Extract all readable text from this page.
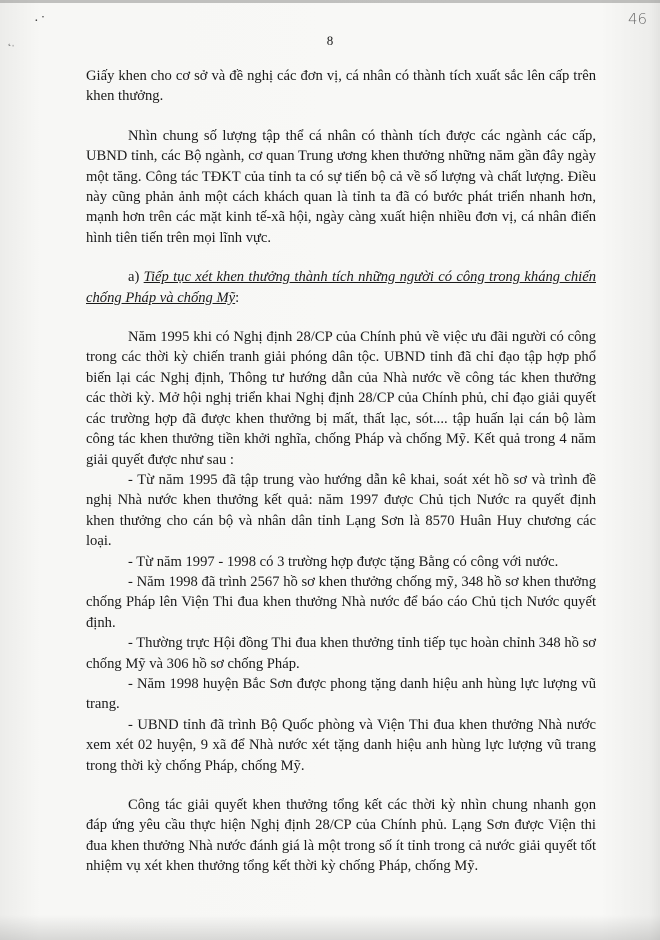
·˙
˛ˌ
46
8

Giấy khen cho cơ sở và đề nghị các đơn vị, cá nhân có thành tích xuất sắc lên cấp trên khen thưởng.

Nhìn chung số lượng tập thể cá nhân có thành tích được các ngành các cấp, UBND tỉnh, các Bộ ngành, cơ quan Trung ương khen thưởng những năm gần đây ngày một tăng. Công tác TĐKT của tỉnh ta có sự tiến bộ cả về số lượng và chất lượng. Điều này cũng phản ảnh một cách khách quan là tỉnh ta đã có bước phát triển nhanh hơn, mạnh hơn trên các mặt kinh tế-xã hội, ngày càng xuất hiện nhiều đơn vị, cá nhân điển hình tiên tiến trên mọi lĩnh vực.

a) Tiếp tục xét khen thưởng thành tích những người có công trong kháng chiến chống Pháp và chống Mỹ:

Năm 1995 khi có Nghị định 28/CP của Chính phủ về việc ưu đãi người có công trong các thời kỳ chiến tranh giải phóng dân tộc. UBND tỉnh đã chỉ đạo tập hợp phổ biến lại các Nghị định, Thông tư hướng dẫn của Nhà nước về công tác khen thưởng các thời kỳ. Mở hội nghị triển khai Nghị định 28/CP của Chính phủ, chỉ đạo giải quyết các trường hợp đã được khen thưởng bị mất, thất lạc, sót.... tập huấn lại cán bộ làm công tác khen thưởng tiền khởi nghĩa, chống Pháp và chống Mỹ. Kết quả trong 4 năm giải quyết được như sau :

- Từ năm 1995 đã tập trung vào hướng dẫn kê khai, soát xét hồ sơ và trình đề nghị Nhà nước khen thưởng kết quả: năm 1997 được Chủ tịch Nước ra quyết định khen thưởng cho cán bộ và nhân dân tỉnh Lạng Sơn là 8570 Huân Huy chương các loại.

- Từ năm 1997 - 1998 có 3 trường hợp được tặng Bằng có công với nước.

- Năm 1998 đã trình 2567 hồ sơ khen thưởng chống mỹ, 348 hồ sơ khen thưởng chống Pháp lên Viện Thi đua khen thưởng Nhà nước để báo cáo Chủ tịch Nước quyết định.

- Thường trực Hội đồng Thi đua khen thưởng tỉnh tiếp tục hoàn chỉnh 348 hồ sơ chống Mỹ và 306 hồ sơ chống Pháp.

- Năm 1998 huyện Bắc Sơn được phong tặng danh hiệu anh hùng lực lượng vũ trang.

- UBND tỉnh đã trình Bộ Quốc phòng và Viện Thi đua khen thưởng Nhà nước xem xét 02 huyện, 9 xã để Nhà nước xét tặng danh hiệu anh hùng lực lượng vũ trang trong thời kỳ chống Pháp, chống Mỹ.

Công tác giải quyết khen thưởng tổng kết các thời kỳ nhìn chung nhanh gọn đáp ứng yêu cầu thực hiện Nghị định 28/CP của Chính phủ. Lạng Sơn được Viện thi đua khen thưởng Nhà nước đánh giá là một trong số ít tỉnh trong cả nước giải quyết tốt nhiệm vụ xét khen thưởng tổng kết thời kỳ chống Pháp, chống Mỹ.
